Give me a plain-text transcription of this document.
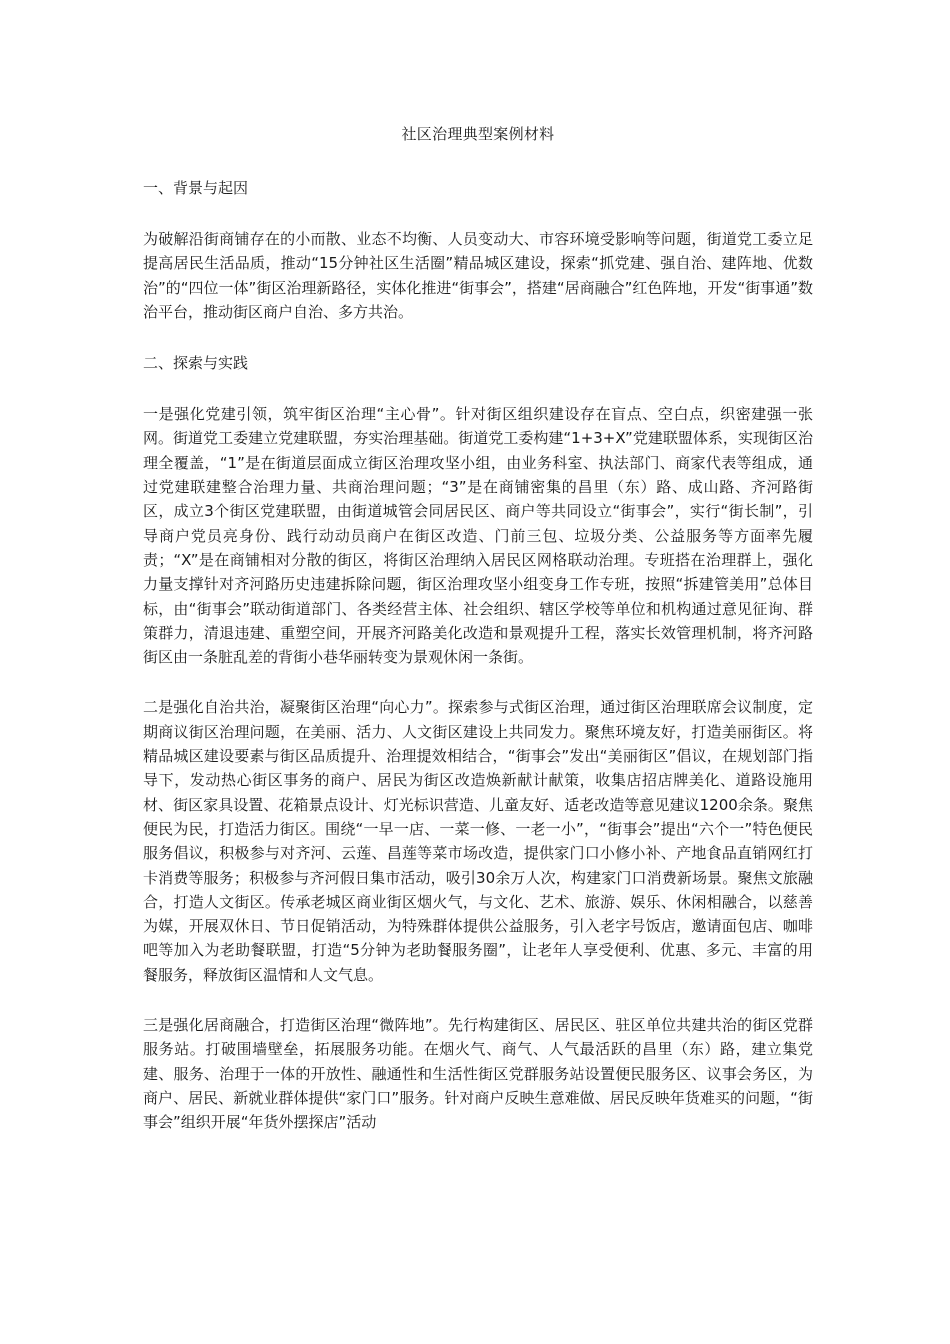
社区治理典型案例材料
一、背景与起因

为破解沿街商铺存在的小而散、业态不均衡、人员变动大、市容环境受影响等问题，街道党工委立足提高居民生活品质，推动“15分钟社区生活圈”精品城区建设，探索“抓党建、强自治、建阵地、优数治”的“四位一体”街区治理新路径，实体化推进“街事会”，搭建“居商融合”红色阵地，开发“街事通”数治平台，推动街区商户自治、多方共治。

二、探索与实践

一是强化党建引领，筑牢街区治理“主心骨”。针对街区组织建设存在盲点、空白点，织密建强一张网。街道党工委建立党建联盟，夯实治理基础。街道党工委构建“1+3+X”党建联盟体系，实现街区治理全覆盖，“1”是在街道层面成立街区治理攻坚小组，由业务科室、执法部门、商家代表等组成，通过党建联建整合治理力量、共商治理问题；“3”是在商铺密集的昌里（东）路、成山路、齐河路街区，成立3个街区党建联盟，由街道城管会同居民区、商户等共同设立“街事会”，实行“街长制”，引导商户党员亮身份、践行动动员商户在街区改造、门前三包、垃圾分类、公益服务等方面率先履责；“X”是在商铺相对分散的街区，将街区治理纳入居民区网格联动治理。专班搭在治理群上，强化力量支撑针对齐河路历史违建拆除问题，街区治理攻坚小组变身工作专班，按照“拆建管美用”总体目标，由“街事会”联动街道部门、各类经营主体、社会组织、辖区学校等单位和机构通过意见征询、群策群力，清退违建、重塑空间，开展齐河路美化改造和景观提升工程，落实长效管理机制，将齐河路街区由一条脏乱差的背街小巷华丽转变为景观休闲一条街。

二是强化自治共治，凝聚街区治理“向心力”。探索参与式街区治理，通过街区治理联席会议制度，定期商议街区治理问题，在美丽、活力、人文街区建设上共同发力。聚焦环境友好，打造美丽街区。将精品城区建设要素与街区品质提升、治理提效相结合，“街事会”发出“美丽街区”倡议，在规划部门指导下，发动热心街区事务的商户、居民为街区改造焕新献计献策，收集店招店牌美化、道路设施用材、街区家具设置、花箱景点设计、灯光标识营造、儿童友好、适老改造等意见建议1200余条。聚焦便民为民，打造活力街区。围绕“一早一店、一菜一修、一老一小”，“街事会”提出“六个一”特色便民服务倡议，积极参与对齐河、云莲、昌莲等菜市场改造，提供家门口小修小补、产地食品直销网红打卡消费等服务；积极参与齐河假日集市活动，吸引30余万人次，构建家门口消费新场景。聚焦文旅融合，打造人文街区。传承老城区商业街区烟火气，与文化、艺术、旅游、娱乐、休闲相融合，以慈善为媒，开展双休日、节日促销活动，为特殊群体提供公益服务，引入老字号饭店，邀请面包店、咖啡吧等加入为老助餐联盟，打造“5分钟为老助餐服务圈”，让老年人享受便利、优惠、多元、丰富的用餐服务，释放街区温情和人文气息。

三是强化居商融合，打造街区治理“微阵地”。先行构建街区、居民区、驻区单位共建共治的街区党群服务站。打破围墙壁垒，拓展服务功能。在烟火气、商气、人气最活跃的昌里（东）路，建立集党建、服务、治理于一体的开放性、融通性和生活性街区党群服务站设置便民服务区、议事会务区，为商户、居民、新就业群体提供“家门口”服务。针对商户反映生意难做、居民反映年货难买的问题，“街事会”组织开展“年货外摆探店”活动
